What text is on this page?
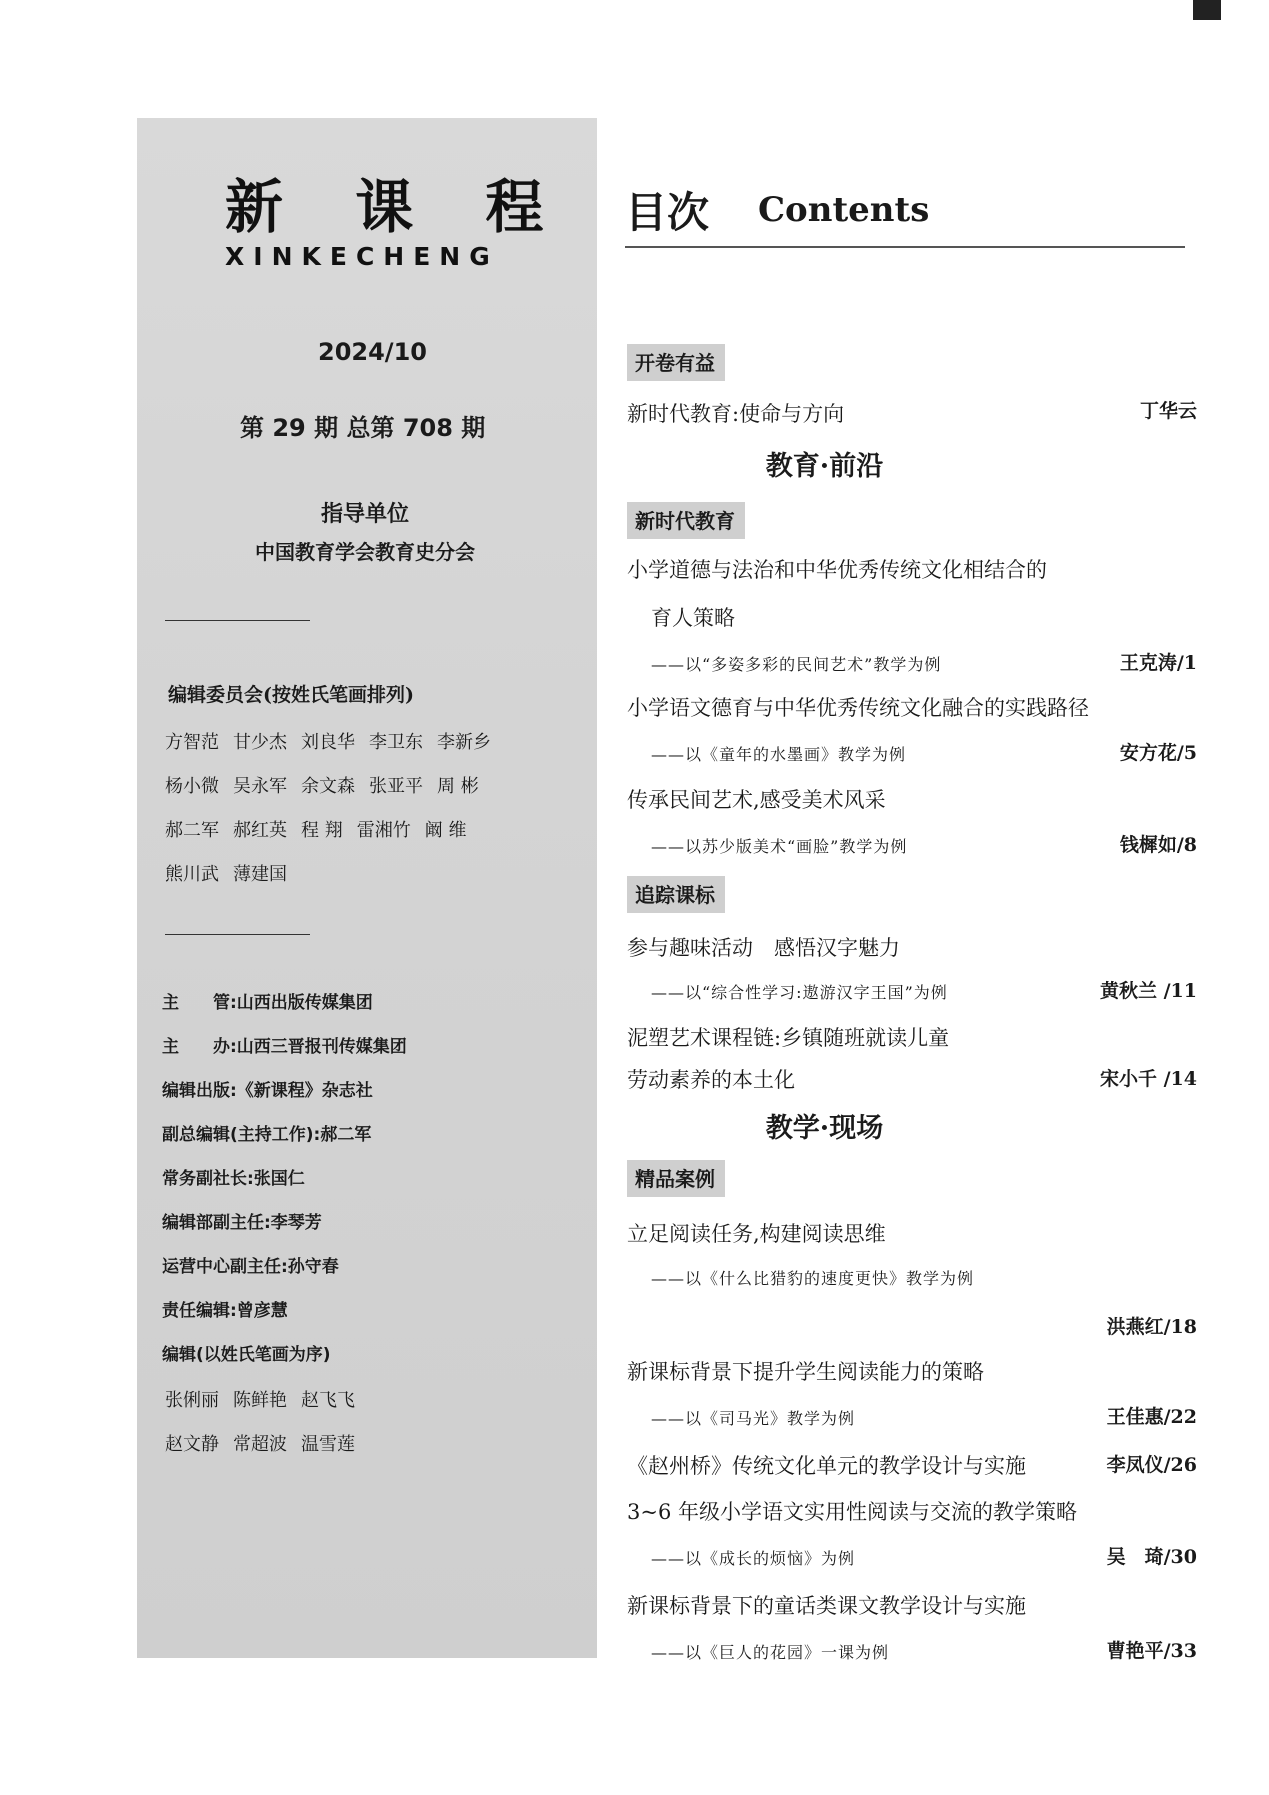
新 课 程
XINKECHENG
2024/10
第 29 期 总第 708 期
指导单位
中国教育学会教育史分会
编辑委员会(按姓氏笔画排列)
方智范 甘少杰 刘良华 李卫东 李新乡
杨小微 吴永军 余文森 张亚平 周 彬
郝二军 郝红英 程 翔 雷湘竹 阚 维
熊川武 薄建国
主　　管:山西出版传媒集团
主　　办:山西三晋报刊传媒集团
编辑出版:《新课程》杂志社
副总编辑(主持工作):郝二军
常务副社长:张国仁
编辑部副主任:李琴芳
运营中心副主任:孙守春
责任编辑:曾彦慧
编辑(以姓氏笔画为序)
张俐丽 陈鲜艳 赵飞飞
赵文静 常超波 温雪莲
目次 Contents
开卷有益
新时代教育:使命与方向	丁华云
教育·前沿
新时代教育
小学道德与法治和中华优秀传统文化相结合的
育人策略
——以“多姿多彩的民间艺术”教学为例	王克涛/1
小学语文德育与中华优秀传统文化融合的实践路径
——以《童年的水墨画》教学为例	安方花/5
传承民间艺术,感受美术风采
——以苏少版美术“画脸”教学为例	钱樨如/8
追踪课标
参与趣味活动　感悟汉字魅力
——以“综合性学习:遨游汉字王国”为例	黄秋兰 /11
泥塑艺术课程链:乡镇随班就读儿童
劳动素养的本土化	宋小千 /14
教学·现场
精品案例
立足阅读任务,构建阅读思维
——以《什么比猎豹的速度更快》教学为例
洪燕红/18
新课标背景下提升学生阅读能力的策略
——以《司马光》教学为例	王佳惠/22
《赵州桥》传统文化单元的教学设计与实施	李凤仪/26
3~6 年级小学语文实用性阅读与交流的教学策略
——以《成长的烦恼》为例	吴　琦/30
新课标背景下的童话类课文教学设计与实施
——以《巨人的花园》一课为例	曹艳平/33
